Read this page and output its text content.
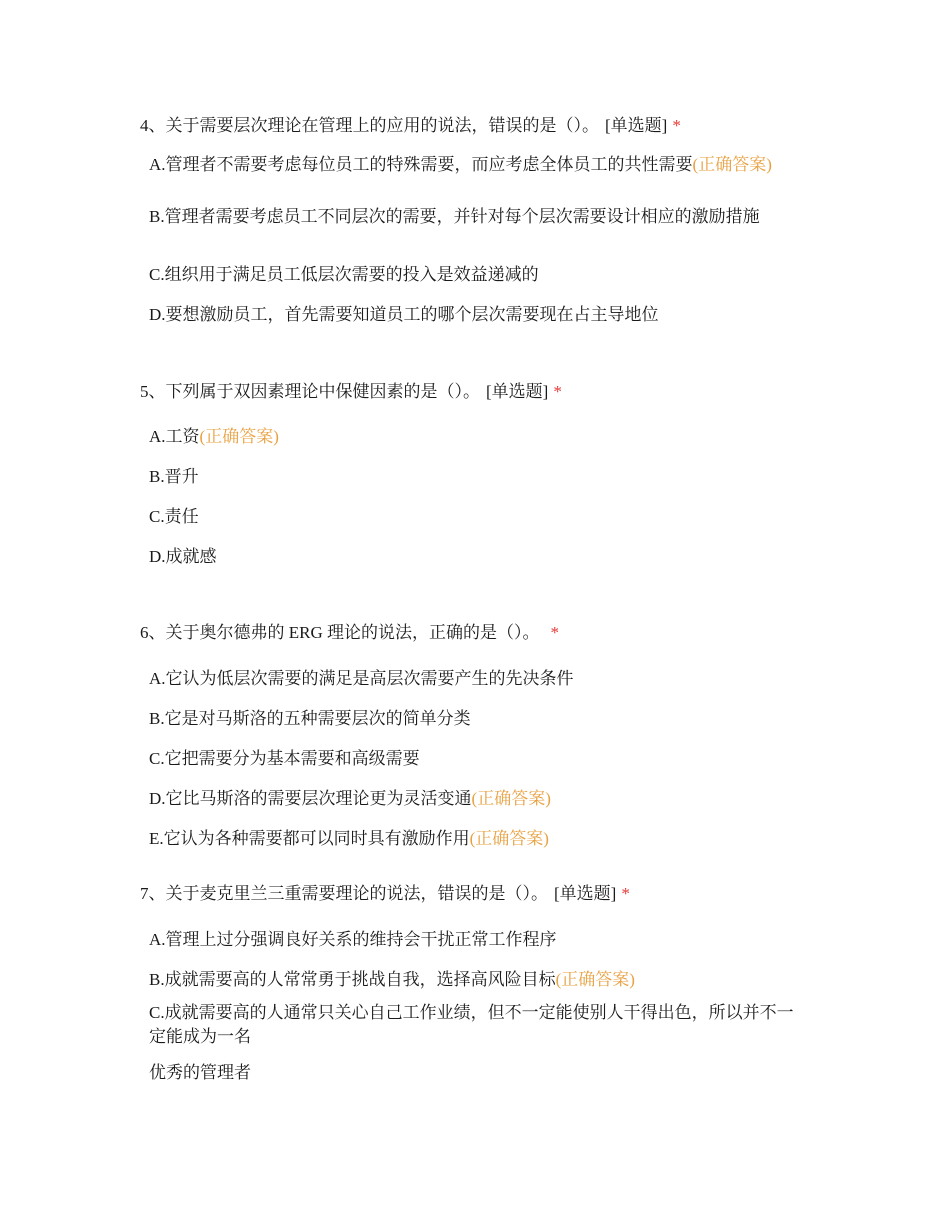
4、关于需要层次理论在管理上的应用的说法，错误的是（）。 [单选题] *
A.管理者不需要考虑每位员工的特殊需要，而应考虑全体员工的共性需要(正确答案)
B.管理者需要考虑员工不同层次的需要，并针对每个层次需要设计相应的激励措施
C.组织用于满足员工低层次需要的投入是效益递减的
D.要想激励员工，首先需要知道员工的哪个层次需要现在占主导地位
5、下列属于双因素理论中保健因素的是（）。 [单选题] *
A.工资(正确答案)
B.晋升
C.责任
D.成就感
6、关于奥尔德弗的 ERG 理论的说法，正确的是（）。 *
A.它认为低层次需要的满足是高层次需要产生的先决条件
B.它是对马斯洛的五种需要层次的简单分类
C.它把需要分为基本需要和高级需要
D.它比马斯洛的需要层次理论更为灵活变通(正确答案)
E.它认为各种需要都可以同时具有激励作用(正确答案)
7、关于麦克里兰三重需要理论的说法，错误的是（）。 [单选题] *
A.管理上过分强调良好关系的维持会干扰正常工作程序
B.成就需要高的人常常勇于挑战自我，选择高风险目标(正确答案)
C.成就需要高的人通常只关心自己工作业绩，但不一定能使别人干得出色，所以并不一定能成为一名
优秀的管理者
